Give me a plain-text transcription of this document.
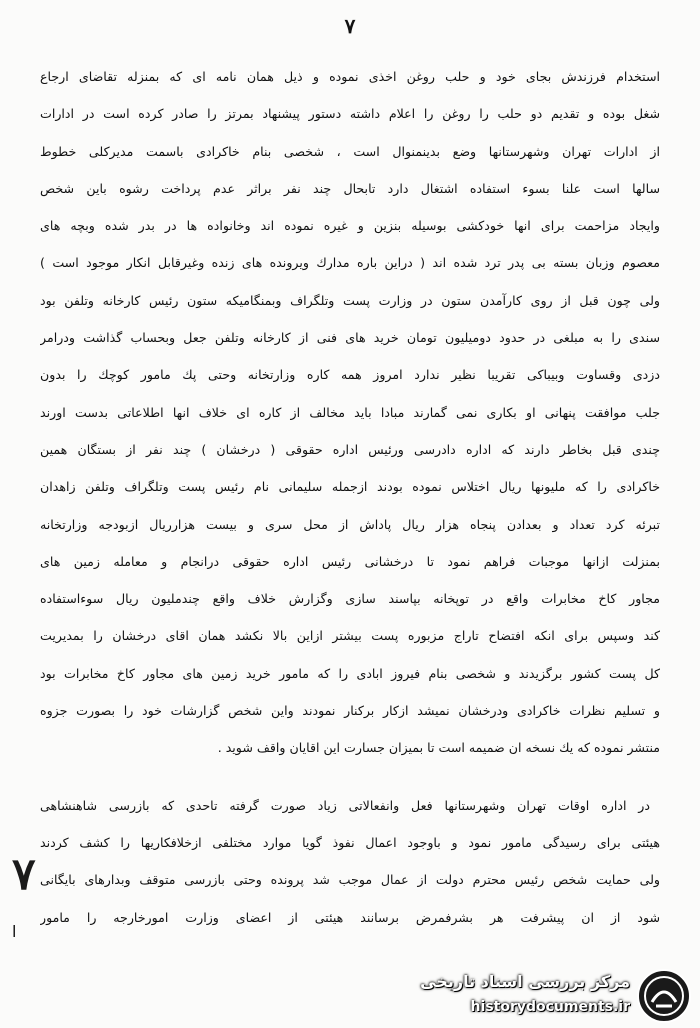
۷
استخدام فرزندش بجای خود و حلب روغن اخذی نموده و ذیل همان نامه ای که بمنزله تقاضای ارجاع
شغل بوده و تقدیم دو حلب را روغن را اعلام داشته دستور پیشنهاد بمرتز را صادر کرده است در ادارات
از ادارات تهران وشهرستانها وضع بدینمنوال است ، شخصی بنام خاکرادی باسمت مدیرکلی خطوط
سالها است علنا بسوء استفاده اشتغال دارد تابحال چند نفر براثر عدم پرداخت رشوه باین شخص
وایجاد مزاحمت برای انها خودکشی بوسیله بنزین و غیره نموده اند وخانواده ها در بدر شده وبچه های
معصوم وزبان بسته بی پدر ترد شده اند ( دراین باره مدارك ویرونده های زنده وغیرقابل انکار موجود است )
ولی چون قبل از روی کارآمدن ستون در وزارت پست وتلگراف وبمنگامیکه ستون رئیس کارخانه وتلفن بود
سندی را به مبلغی در حدود دومیلیون تومان خرید های فنی از کارخانه وتلفن جعل وبحساب گذاشت ودرامر
دزدی وقساوت وبیباکی تقریبا نظیر ندارد امروز همه کاره وزارتخانه وحتی پك مامور کوچك را بدون
جلب موافقت پنهانی او بکاری نمی گمارند مبادا باید مخالف از کاره ای خلاف انها اطلاعاتی بدست اورند
چندی قبل بخاطر دارند که اداره دادرسی ورئیس اداره حقوقی ( درخشان ) چند نفر از بستگان همین
خاکرادی را که ملیونها ریال اختلاس نموده بودند ازجمله سلیمانی نام رئیس پست وتلگراف وتلفن زاهدان
تبرئه کرد تعداد و بعدادن پنجاه هزار ریال پاداش از محل سری و بیست هزارریال ازبودجه وزارتخانه
بمنزلت ازانها موجبات فراهم نمود تا درخشانی رئیس اداره حقوقی درانجام و معامله زمین های
مجاور کاخ مخابرات واقع در توپخانه بپاسند سازی وگزارش خلاف واقع چندملیون ریال سوءاستفاده
کند وسپس برای انکه افتضاح تاراج مزبوره پست بیشتر ازاین بالا نکشد همان اقای درخشان را بمدیریت
کل پست کشور برگزیدند و شخصی بنام فیروز ابادی را که مامور خرید زمین های مجاور کاخ مخابرات بود
و تسلیم نظرات خاکرادی ودرخشان نمیشد ازکار برکنار نمودند واین شخص گزارشات خود را بصورت جزوه
منتشر نموده که یك نسخه ان ضمیمه است تا بمیزان جسارت این اقایان واقف شوید .
در اداره اوقات تهران وشهرستانها فعل وانفعالاتی زیاد صورت گرفته تاحدی که بازرسی شاهنشاهی
هیئتی برای رسیدگی مامور نمود و باوجود اعمال نفوذ گویا موارد مختلفی ازخلافکاریها را کشف کردند
ولی حمایت شخص رئیس محترم دولت از عمال موجب شد پرونده وحتی بازرسی متوقف وبدارهای بایگانی
شود از ان پیشرفت هر بشرفمرض برسانند هیئتی از اعضای وزارت امورخارجه را مامور
۷
ا
مرکز بررسی اسناد تاریخی
historydocuments.ir
